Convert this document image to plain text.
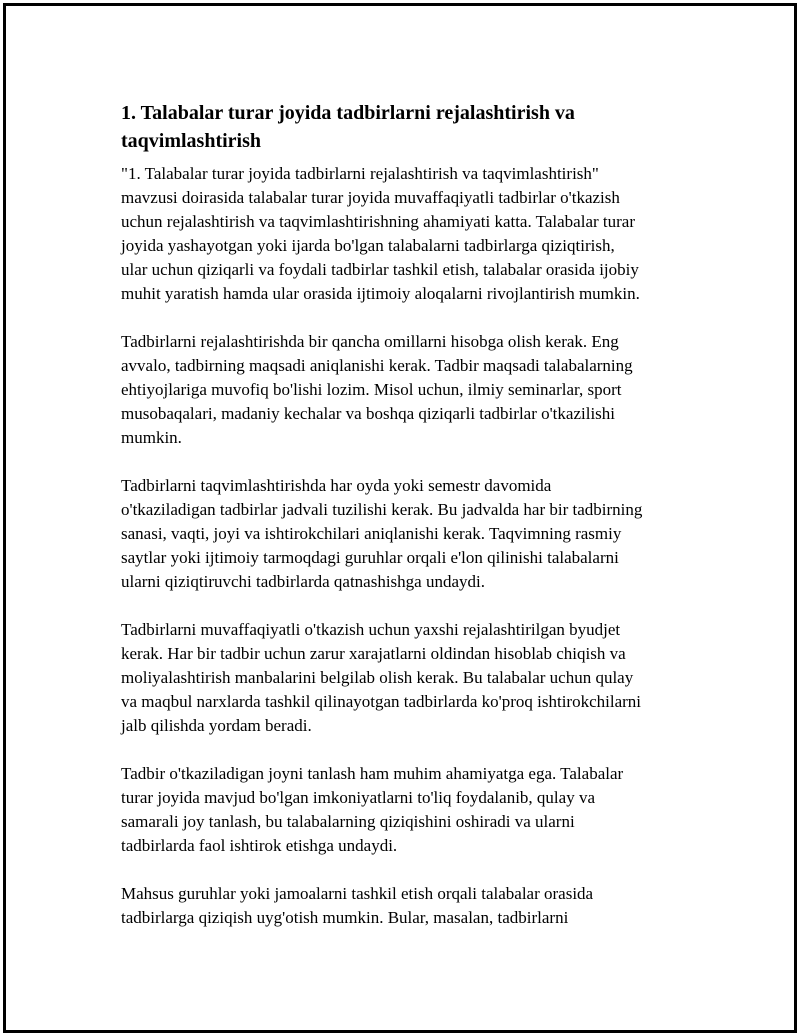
1. Talabalar turar joyida tadbirlarni rejalashtirish va
taqvimlashtirish

"1. Talabalar turar joyida tadbirlarni rejalashtirish va taqvimlashtirish"
mavzusi doirasida talabalar turar joyida muvaffaqiyatli tadbirlar o'tkazish
uchun rejalashtirish va taqvimlashtirishning ahamiyati katta. Talabalar turar
joyida yashayotgan yoki ijarda bo'lgan talabalarni tadbirlarga qiziqtirish,
ular uchun qiziqarli va foydali tadbirlar tashkil etish, talabalar orasida ijobiy
muhit yaratish hamda ular orasida ijtimoiy aloqalarni rivojlantirish mumkin.

Tadbirlarni rejalashtirishda bir qancha omillarni hisobga olish kerak. Eng
avvalo, tadbirning maqsadi aniqlanishi kerak. Tadbir maqsadi talabalarning
ehtiyojlariga muvofiq bo'lishi lozim. Misol uchun, ilmiy seminarlar, sport
musobaqalari, madaniy kechalar va boshqa qiziqarli tadbirlar o'tkazilishi
mumkin.

Tadbirlarni taqvimlashtirishda har oyda yoki semestr davomida
o'tkaziladigan tadbirlar jadvali tuzilishi kerak. Bu jadvalda har bir tadbirning
sanasi, vaqti, joyi va ishtirokchilari aniqlanishi kerak. Taqvimning rasmiy
saytlar yoki ijtimoiy tarmoqdagi guruhlar orqali e'lon qilinishi talabalarni
ularni qiziqtiruvchi tadbirlarda qatnashishga undaydi.

Tadbirlarni muvaffaqiyatli o'tkazish uchun yaxshi rejalashtirilgan byudjet
kerak. Har bir tadbir uchun zarur xarajatlarni oldindan hisoblab chiqish va
moliyalashtirish manbalarini belgilab olish kerak. Bu talabalar uchun qulay
va maqbul narxlarda tashkil qilinayotgan tadbirlarda ko'proq ishtirokchilarni
jalb qilishda yordam beradi.

Tadbir o'tkaziladigan joyni tanlash ham muhim ahamiyatga ega. Talabalar
turar joyida mavjud bo'lgan imkoniyatlarni to'liq foydalanib, qulay va
samarali joy tanlash, bu talabalarning qiziqishini oshiradi va ularni
tadbirlarda faol ishtirok etishga undaydi.

Mahsus guruhlar yoki jamoalarni tashkil etish orqali talabalar orasida
tadbirlarga qiziqish uyg'otish mumkin. Bular, masalan, tadbirlarni
